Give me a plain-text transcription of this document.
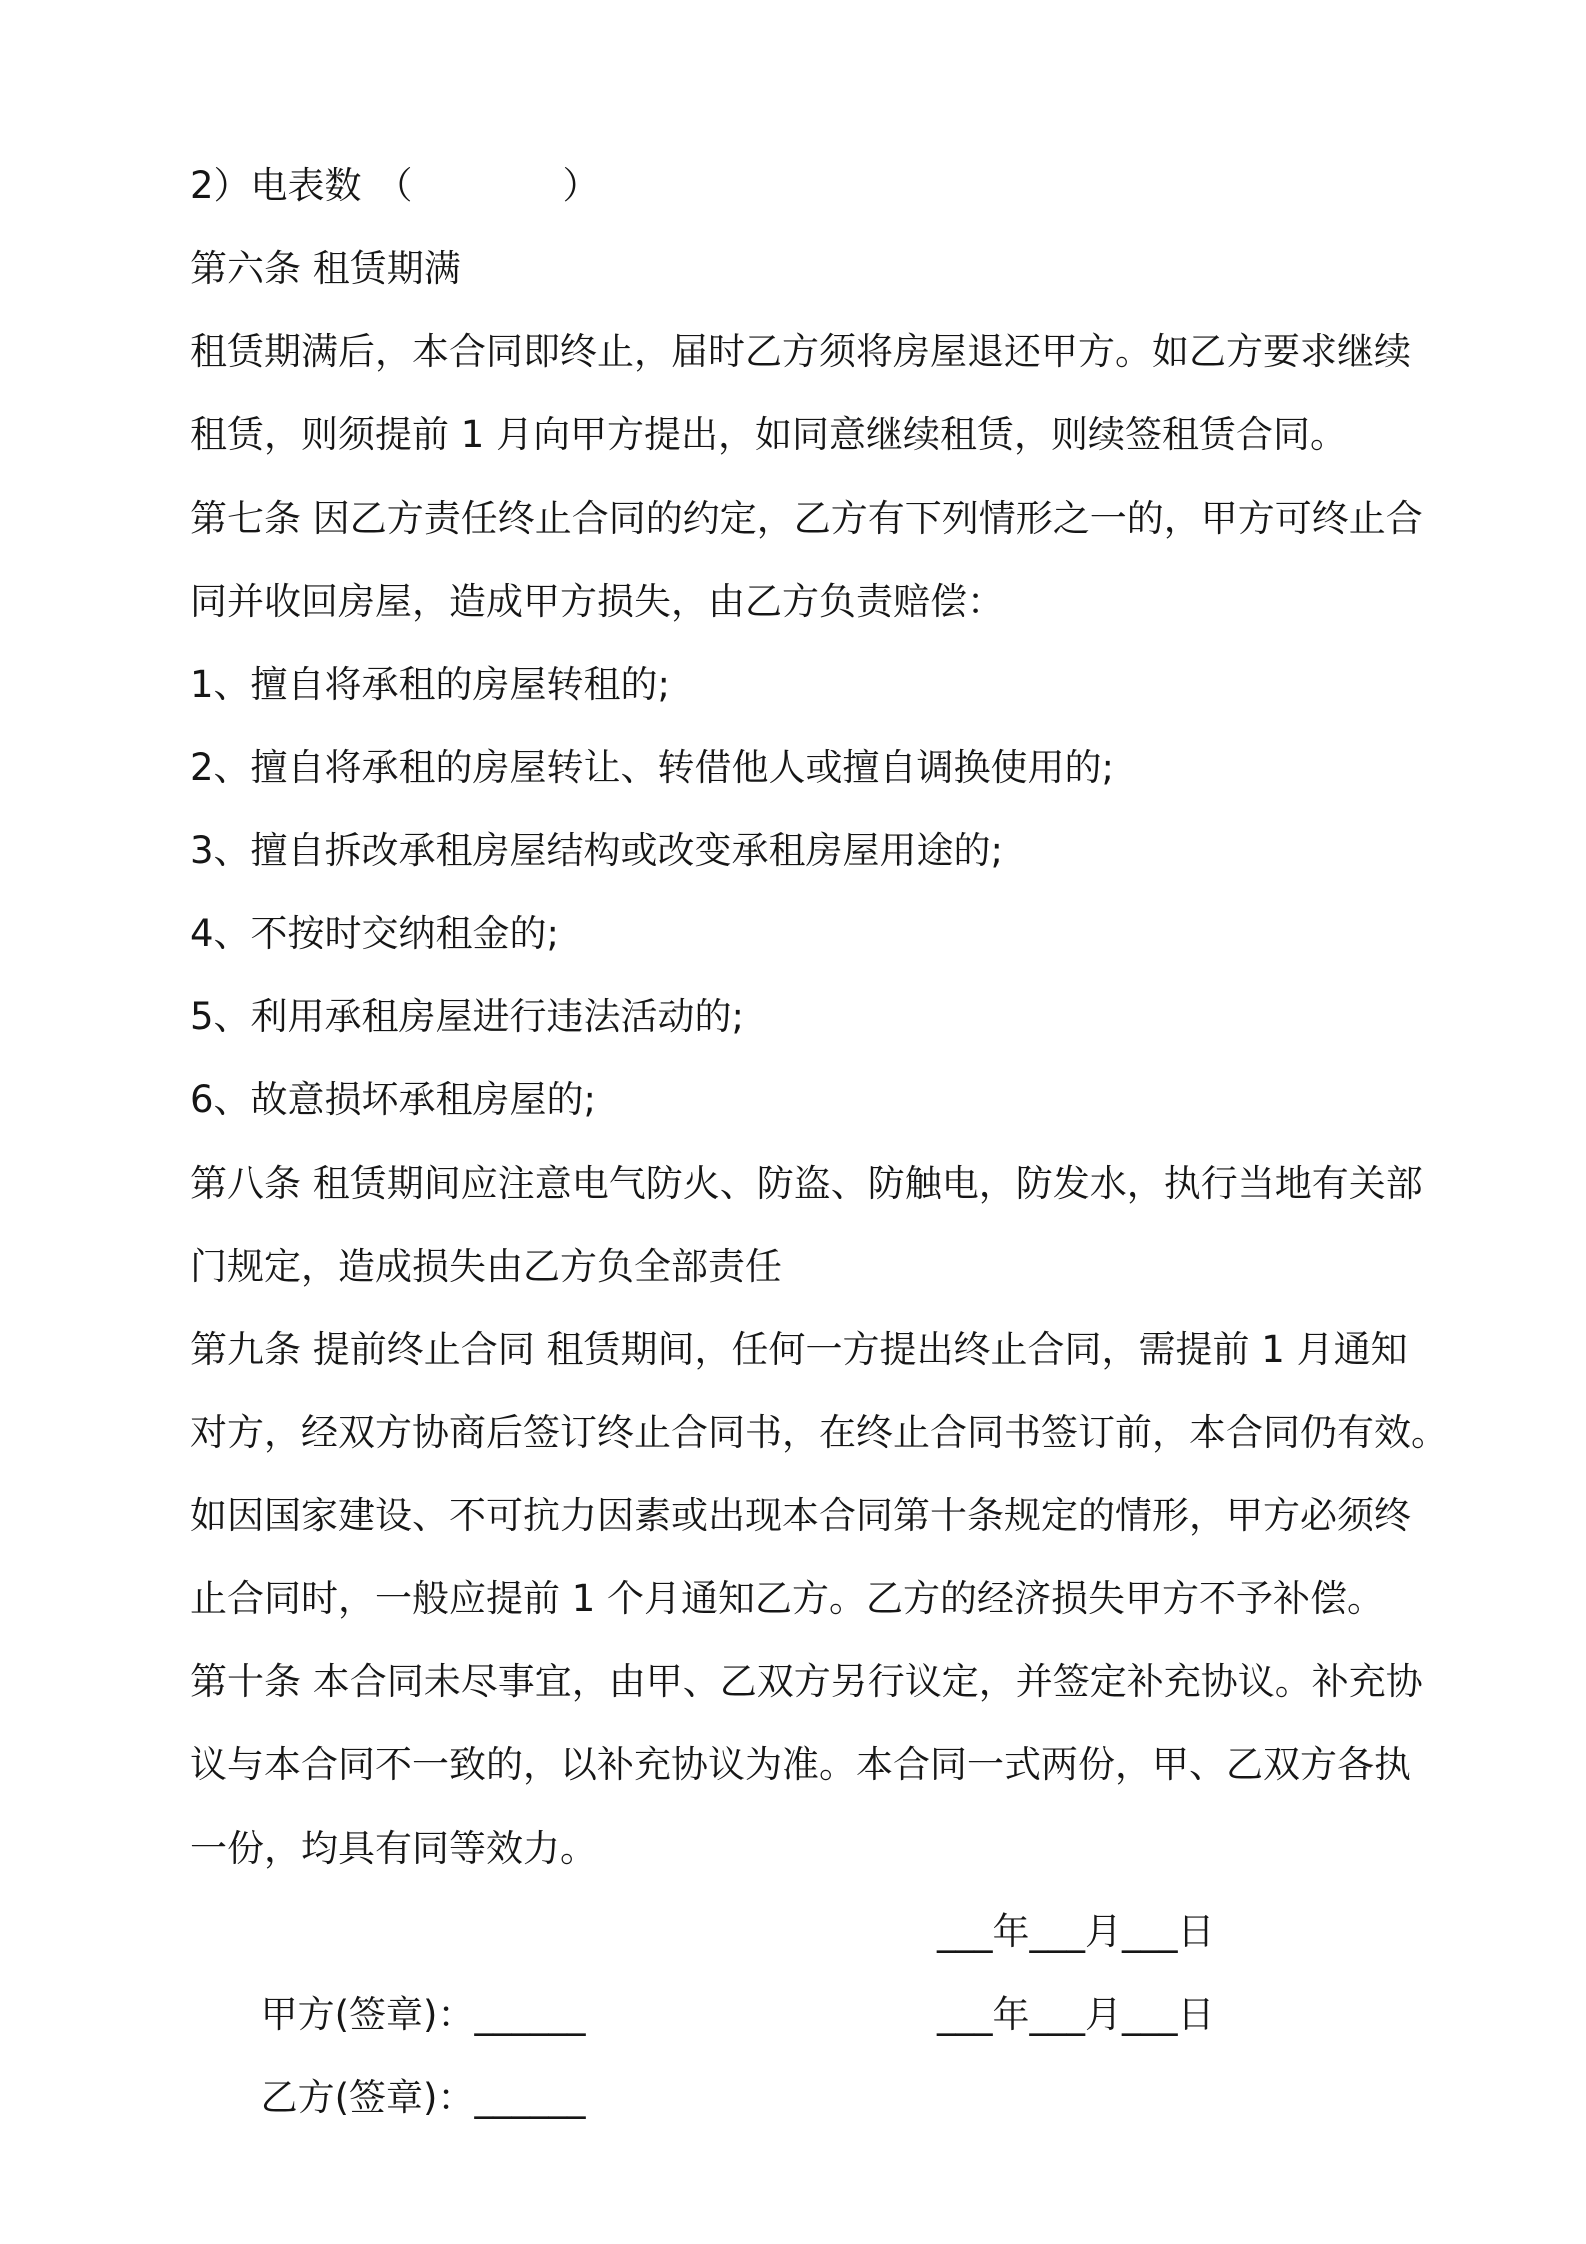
2）电表数 （	）
第六条 租赁期满
租赁期满后，本合同即终止，届时乙方须将房屋退还甲方。如乙方要求继续
租赁，则须提前 1 月向甲方提出，如同意继续租赁，则续签租赁合同。
第七条 因乙方责任终止合同的约定，乙方有下列情形之一的，甲方可终止合
同并收回房屋，造成甲方损失，由乙方负责赔偿：
1、擅自将承租的房屋转租的;
2、擅自将承租的房屋转让、转借他人或擅自调换使用的;
3、擅自拆改承租房屋结构或改变承租房屋用途的;
4、不按时交纳租金的;
5、利用承租房屋进行违法活动的;
6、故意损坏承租房屋的;
第八条 租赁期间应注意电气防火、防盗、防触电，防发水，执行当地有关部
门规定，造成损失由乙方负全部责任
第九条 提前终止合同 租赁期间，任何一方提出终止合同，需提前 1 月通知
对方，经双方协商后签订终止合同书，在终止合同书签订前，本合同仍有效。
如因国家建设、不可抗力因素或出现本合同第十条规定的情形，甲方必须终
止合同时，一般应提前 1 个月通知乙方。乙方的经济损失甲方不予补偿。
第十条 本合同未尽事宜，由甲、乙双方另行议定，并签定补充协议。补充协
议与本合同不一致的，以补充协议为准。本合同一式两份，甲、乙双方各执
一份，均具有同等效力。

甲方(签章)：______

___年___月___日

乙方(签章)：______

___年___月___日
